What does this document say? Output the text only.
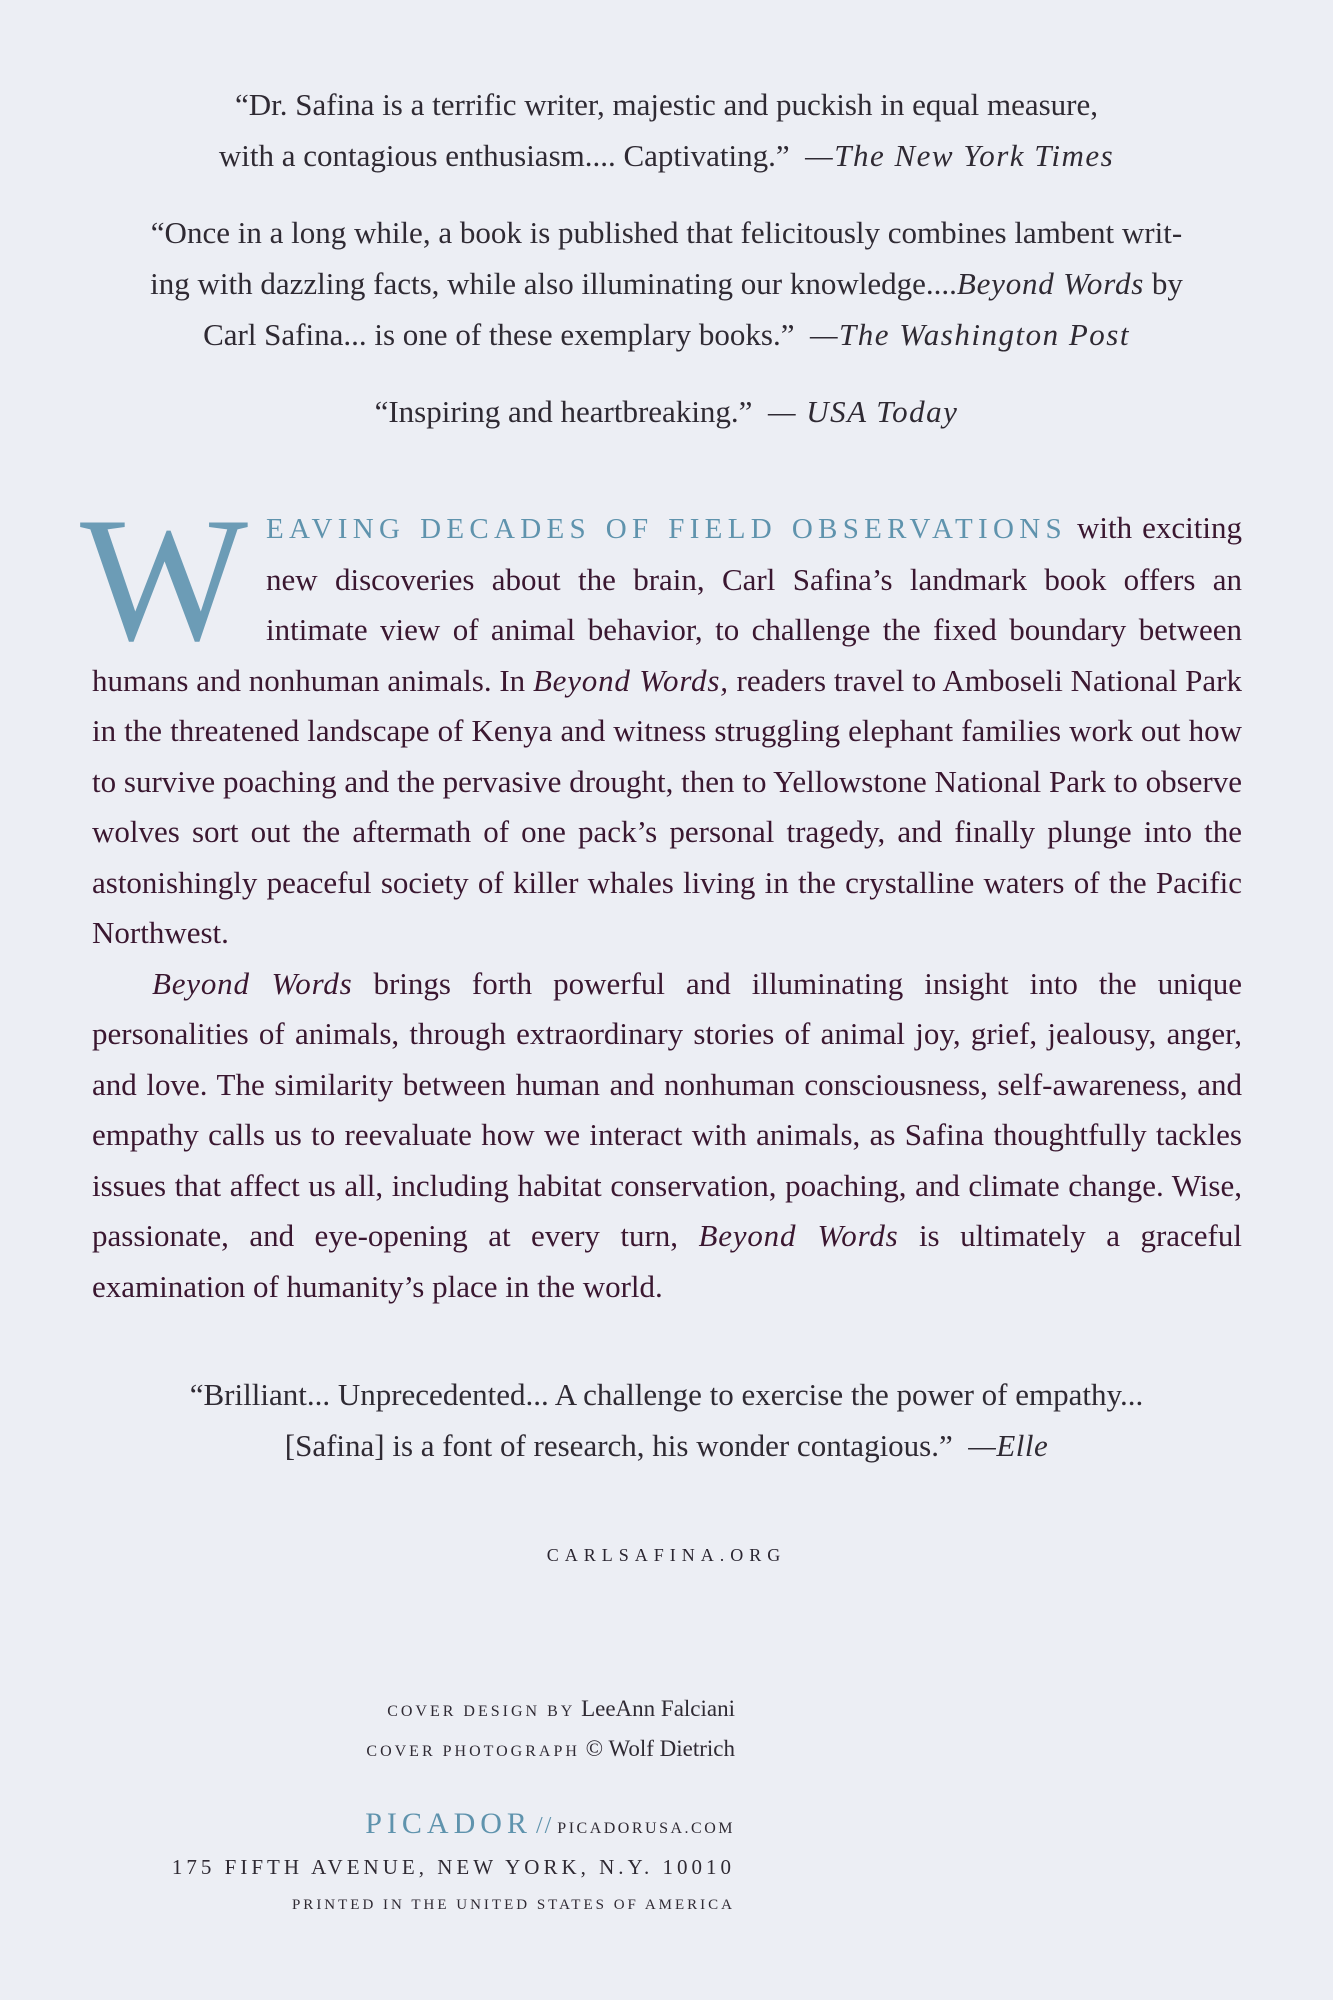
“Dr. Safina is a terrific writer, majestic and puckish in equal measure,
with a contagious enthusiasm.... Captivating.” —The New York Times
“Once in a long while, a book is published that felicitously combines lambent writ-
ing with dazzling facts, while also illuminating our knowledge....Beyond Words by
Carl Safina... is one of these exemplary books.” —The Washington Post
“Inspiring and heartbreaking.” — USA Today

WEAVING DECADES OF FIELD OBSERVATIONS with exciting new discoveries about the brain, Carl Safina’s landmark book offers an intimate view of animal behavior, to challenge the fixed boundary between humans and nonhuman animals. In Beyond Words, readers travel to Amboseli National Park in the threatened landscape of Kenya and witness struggling elephant families work out how to survive poaching and the pervasive drought, then to Yellowstone National Park to observe wolves sort out the aftermath of one pack’s personal tragedy, and finally plunge into the astonishingly peaceful society of killer whales living in the crystalline waters of the Pacific Northwest.

Beyond Words brings forth powerful and illuminating insight into the unique personalities of animals, through extraordinary stories of animal joy, grief, jealousy, anger, and love. The similarity between human and nonhuman consciousness, self-awareness, and empathy calls us to reevaluate how we interact with animals, as Safina thoughtfully tackles issues that affect us all, including habitat conservation, poaching, and climate change. Wise, passionate, and eye-opening at every turn, Beyond Words is ultimately a graceful examination of humanity’s place in the world.

“Brilliant... Unprecedented... A challenge to exercise the power of empathy...
[Safina] is a font of research, his wonder contagious.” —Elle
CARLSAFINA.ORG
COVER DESIGN BY LeeAnn Falciani
COVER PHOTOGRAPH © Wolf Dietrich
PICADOR // PICADORUSA.COM
175 FIFTH AVENUE, NEW YORK, N.Y. 10010
PRINTED IN THE UNITED STATES OF AMERICA
